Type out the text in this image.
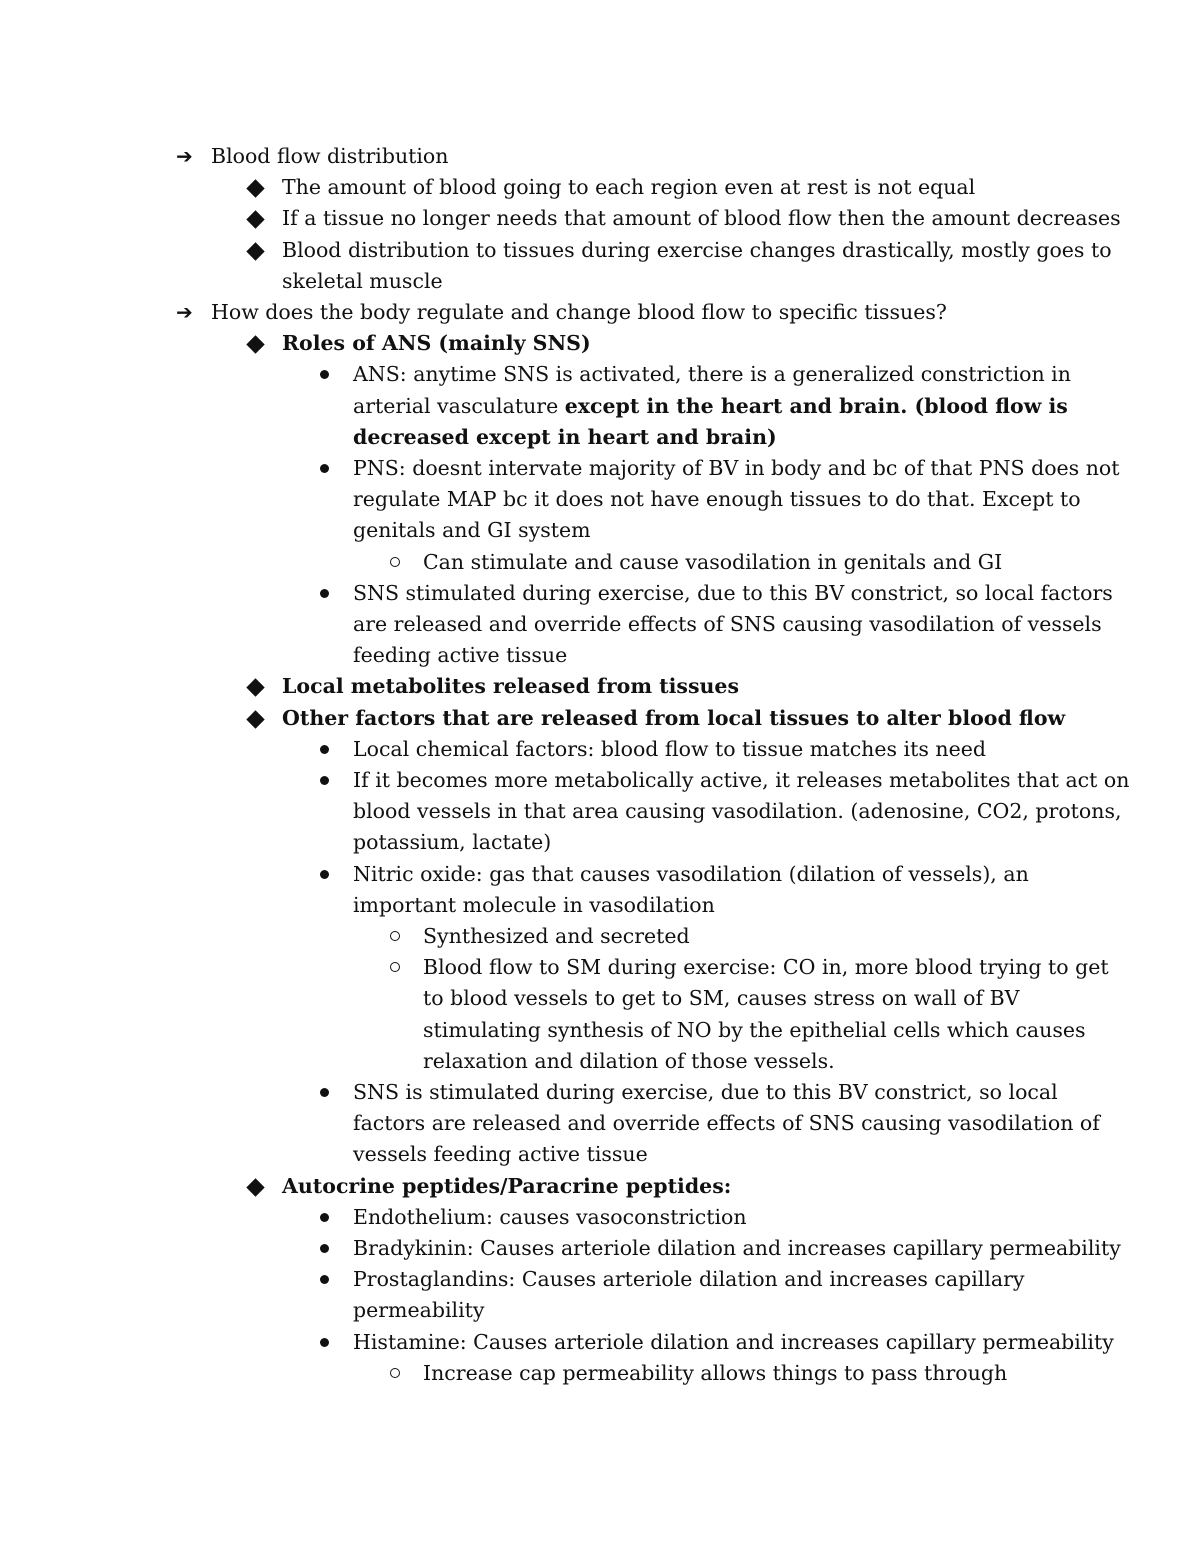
➔ Blood flow distribution
The amount of blood going to each region even at rest is not equal
If a tissue no longer needs that amount of blood flow then the amount decreases
Blood distribution to tissues during exercise changes drastically, mostly goes to
skeletal muscle
➔ How does the body regulate and change blood flow to specific tissues?
Roles of ANS (mainly SNS)
ANS: anytime SNS is activated, there is a generalized constriction in
arterial vasculature except in the heart and brain. (blood flow is
decreased except in heart and brain)
PNS: doesnt intervate majority of BV in body and bc of that PNS does not
regulate MAP bc it does not have enough tissues to do that. Except to
genitals and GI system
Can stimulate and cause vasodilation in genitals and GI
SNS stimulated during exercise, due to this BV constrict, so local factors
are released and override effects of SNS causing vasodilation of vessels
feeding active tissue
Local metabolites released from tissues
Other factors that are released from local tissues to alter blood flow
Local chemical factors: blood flow to tissue matches its need
If it becomes more metabolically active, it releases metabolites that act on
blood vessels in that area causing vasodilation. (adenosine, CO2, protons,
potassium, lactate)
Nitric oxide: gas that causes vasodilation (dilation of vessels), an
important molecule in vasodilation
Synthesized and secreted
Blood flow to SM during exercise: CO in, more blood trying to get
to blood vessels to get to SM, causes stress on wall of BV
stimulating synthesis of NO by the epithelial cells which causes
relaxation and dilation of those vessels.
SNS is stimulated during exercise, due to this BV constrict, so local
factors are released and override effects of SNS causing vasodilation of
vessels feeding active tissue
Autocrine peptides/Paracrine peptides:
Endothelium: causes vasoconstriction
Bradykinin: Causes arteriole dilation and increases capillary permeability
Prostaglandins: Causes arteriole dilation and increases capillary
permeability
Histamine: Causes arteriole dilation and increases capillary permeability
Increase cap permeability allows things to pass through
